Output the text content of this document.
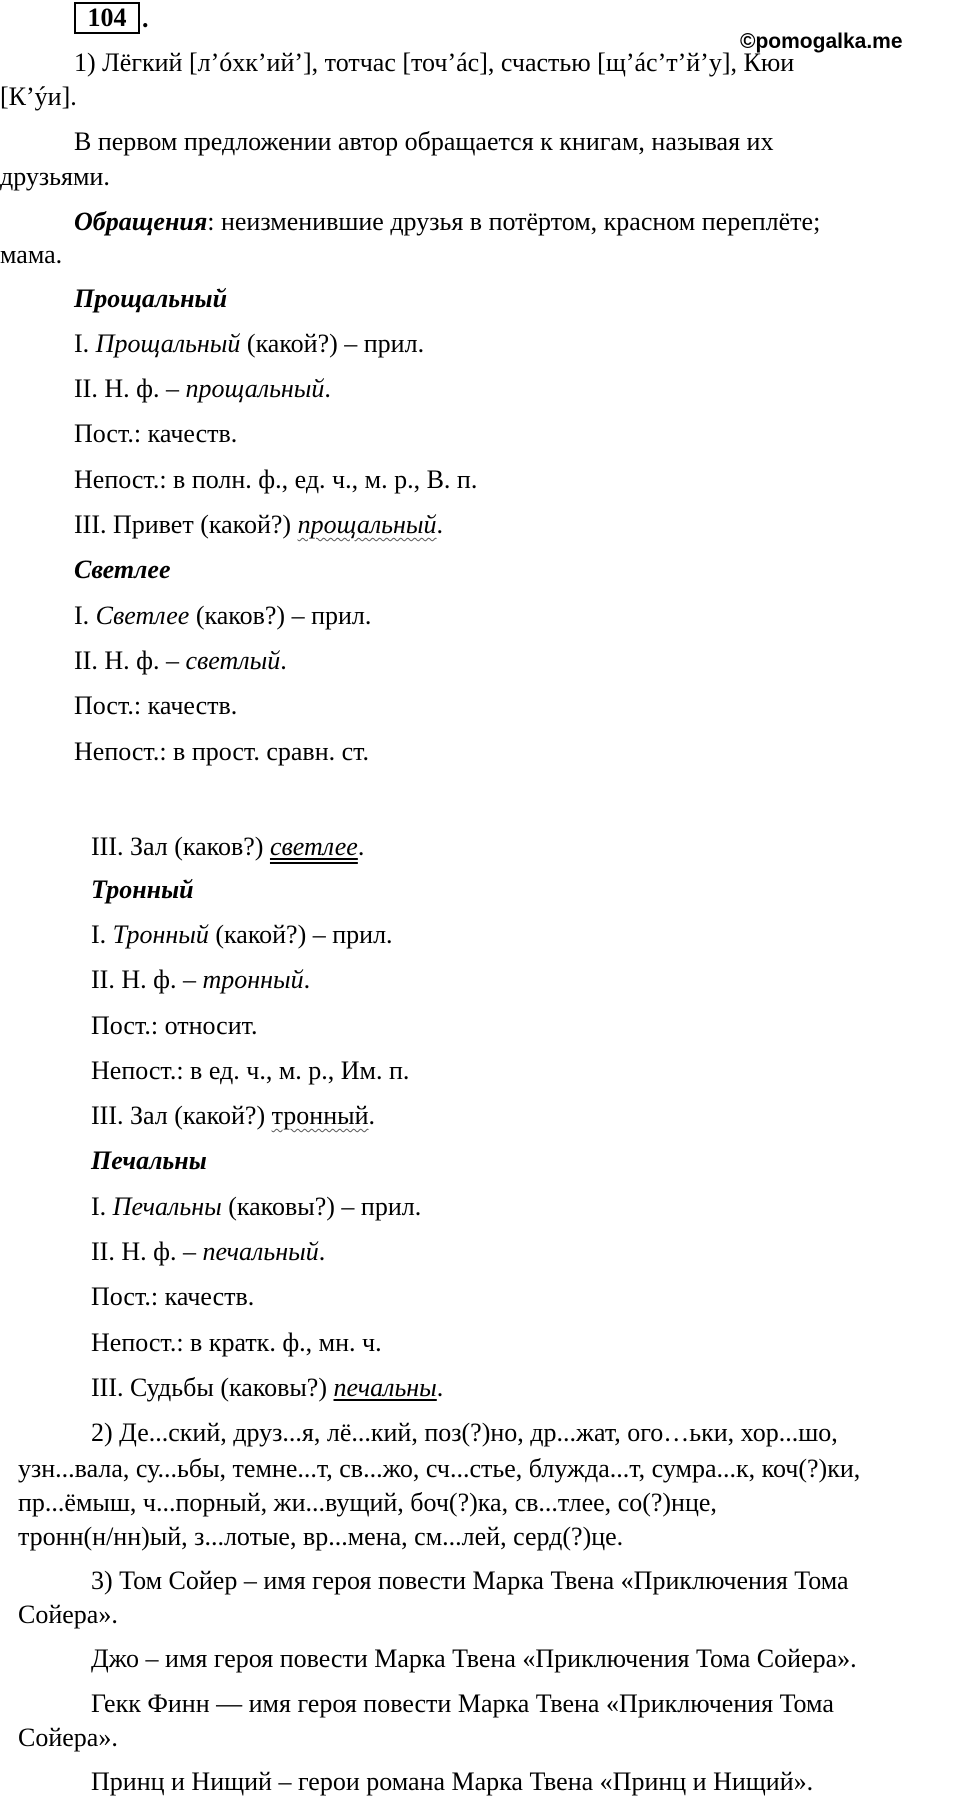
104 .
©pomogalka.me
1) Лёгкий [л’óхк’ий’], тотчас [точ’áс], счастью [щ’áс’т’й’у], Кюи
[К’ýи].
В первом предложении автор обращается к книгам, называя их
друзьями.
Обращения: неизменившие друзья в потёртом, красном переплёте;
мама.
Прощальный
I. Прощальный (какой?) – прил.
II. Н. ф. – прощальный.
Пост.: качеств.
Непост.: в полн. ф., ед. ч., м. р., В. п.
III. Привет (какой?) прощальный.
Светлее
I. Светлее (каков?) – прил.
II. Н. ф. – светлый.
Пост.: качеств.
Непост.: в прост. сравн. ст.
III. Зал (каков?) светлее.
Тронный
I. Тронный (какой?) – прил.
II. Н. ф. – тронный.
Пост.: относит.
Непост.: в ед. ч., м. р., Им. п.
III. Зал (какой?) тронный.
Печальны
I. Печальны (каковы?) – прил.
II. Н. ф. – печальный.
Пост.: качеств.
Непост.: в кратк. ф., мн. ч.
III. Судьбы (каковы?) печальны.
2) Де...ский, друз...я, лё...кий, поз(?)но, др...жат, ого…ьки, хор...шо,
узн...вала, су...ьбы, темне...т, св...жо, сч...стье, блужда...т, сумра...к, коч(?)ки,
пр...ёмыш, ч...порный, жи...вущий, боч(?)ка, св...тлее, со(?)нце,
тронн(н/нн)ый, з...лотые, вр...мена, см...лей, серд(?)це.
3) Том Сойер – имя героя повести Марка Твена «Приключения Тома
Сойера».
Джо – имя героя повести Марка Твена «Приключения Тома Сойера».
Гекк Финн — имя героя повести Марка Твена «Приключения Тома
Сойера».
Принц и Нищий – герои романа Марка Твена «Принц и Нищий».
